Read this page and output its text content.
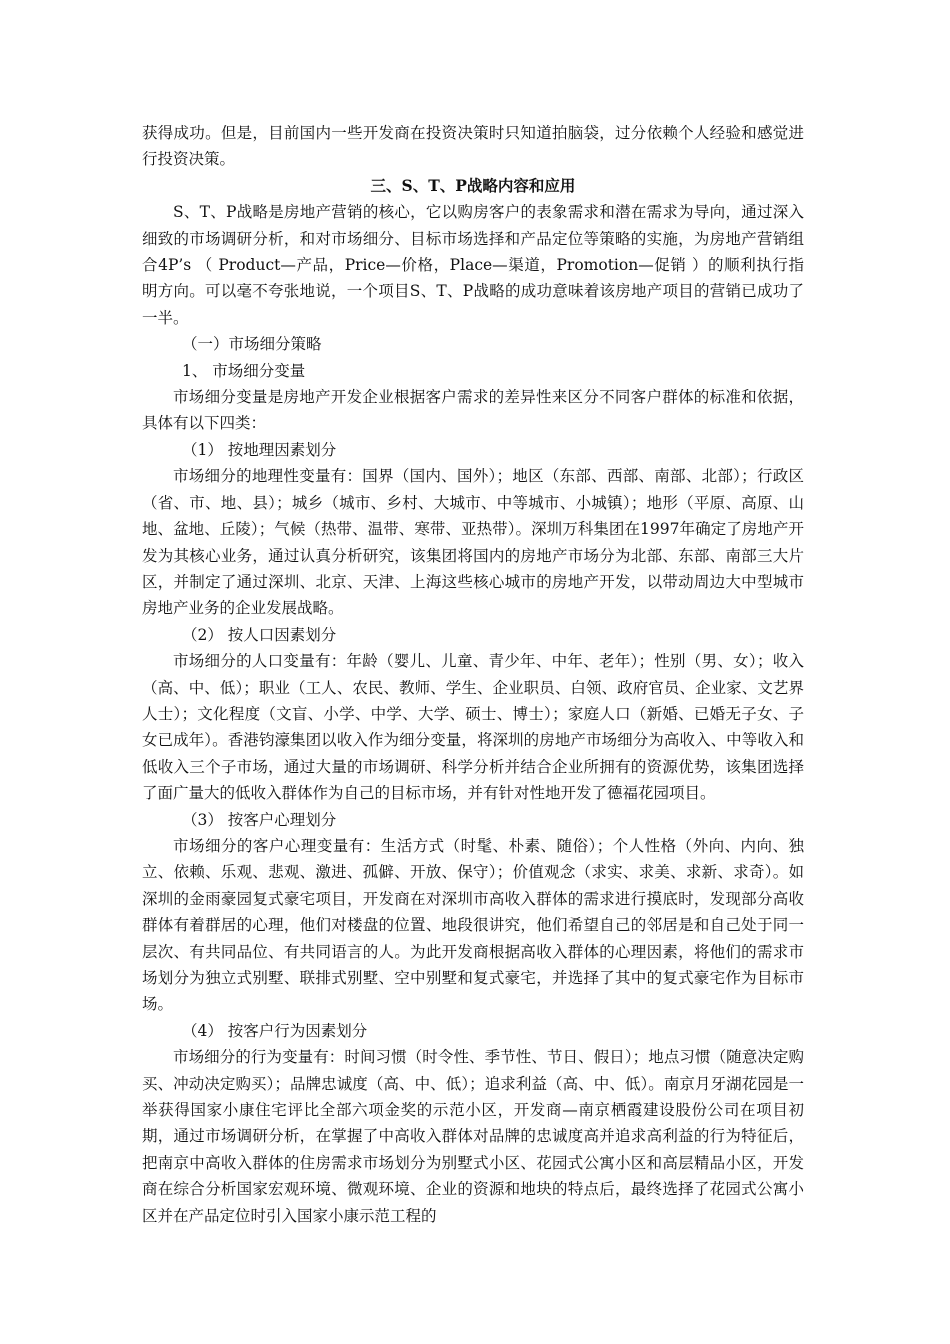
获得成功。但是，目前国内一些开发商在投资决策时只知道拍脑袋，过分依赖个人经验和感觉进行投资决策。

三、S、T、P战略内容和应用

S、T、P战略是房地产营销的核心，它以购房客户的表象需求和潜在需求为导向，通过深入细致的市场调研分析，和对市场细分、目标市场选择和产品定位等策略的实施，为房地产营销组合4P’s （ Product—产品，Price—价格，Place—渠道，Promotion—促销 ）的顺利执行指明方向。可以毫不夸张地说，一个项目S、T、P战略的成功意味着该房地产项目的营销已成功了一半。

（一）市场细分策略

1、 市场细分变量

市场细分变量是房地产开发企业根据客户需求的差异性来区分不同客户群体的标准和依据，具体有以下四类：

（1） 按地理因素划分

市场细分的地理性变量有：国界（国内、国外）；地区（东部、西部、南部、北部）；行政区（省、市、地、县）；城乡（城市、乡村、大城市、中等城市、小城镇）；地形（平原、高原、山地、盆地、丘陵）；气候（热带、温带、寒带、亚热带）。深圳万科集团在1997年确定了房地产开发为其核心业务，通过认真分析研究，该集团将国内的房地产市场分为北部、东部、南部三大片区，并制定了通过深圳、北京、天津、上海这些核心城市的房地产开发，以带动周边大中型城市房地产业务的企业发展战略。

（2） 按人口因素划分

市场细分的人口变量有：年龄（婴儿、儿童、青少年、中年、老年）；性别（男、女）；收入（高、中、低）；职业（工人、农民、教师、学生、企业职员、白领、政府官员、企业家、文艺界人士）；文化程度（文盲、小学、中学、大学、硕士、博士）；家庭人口（新婚、已婚无子女、子女已成年）。香港钧濠集团以收入作为细分变量，将深圳的房地产市场细分为高收入、中等收入和低收入三个子市场，通过大量的市场调研、科学分析并结合企业所拥有的资源优势，该集团选择了面广量大的低收入群体作为自己的目标市场，并有针对性地开发了德福花园项目。

（3） 按客户心理划分

市场细分的客户心理变量有：生活方式（时髦、朴素、随俗）；个人性格（外向、内向、独立、依赖、乐观、悲观、激进、孤僻、开放、保守）；价值观念（求实、求美、求新、求奇）。如深圳的金雨豪园复式豪宅项目，开发商在对深圳市高收入群体的需求进行摸底时，发现部分高收群体有着群居的心理，他们对楼盘的位置、地段很讲究，他们希望自己的邻居是和自己处于同一层次、有共同品位、有共同语言的人。为此开发商根据高收入群体的心理因素，将他们的需求市场划分为独立式别墅、联排式别墅、空中别墅和复式豪宅，并选择了其中的复式豪宅作为目标市场。

（4） 按客户行为因素划分

市场细分的行为变量有：时间习惯（时令性、季节性、节日、假日）；地点习惯（随意决定购买、冲动决定购买）；品牌忠诚度（高、中、低）；追求利益（高、中、低）。南京月牙湖花园是一举获得国家小康住宅评比全部六项金奖的示范小区，开发商—南京栖霞建设股份公司在项目初期，通过市场调研分析，在掌握了中高收入群体对品牌的忠诚度高并追求高利益的行为特征后，把南京中高收入群体的住房需求市场划分为别墅式小区、花园式公寓小区和高层精品小区，开发商在综合分析国家宏观环境、微观环境、企业的资源和地块的特点后，最终选择了花园式公寓小区并在产品定位时引入国家小康示范工程的
